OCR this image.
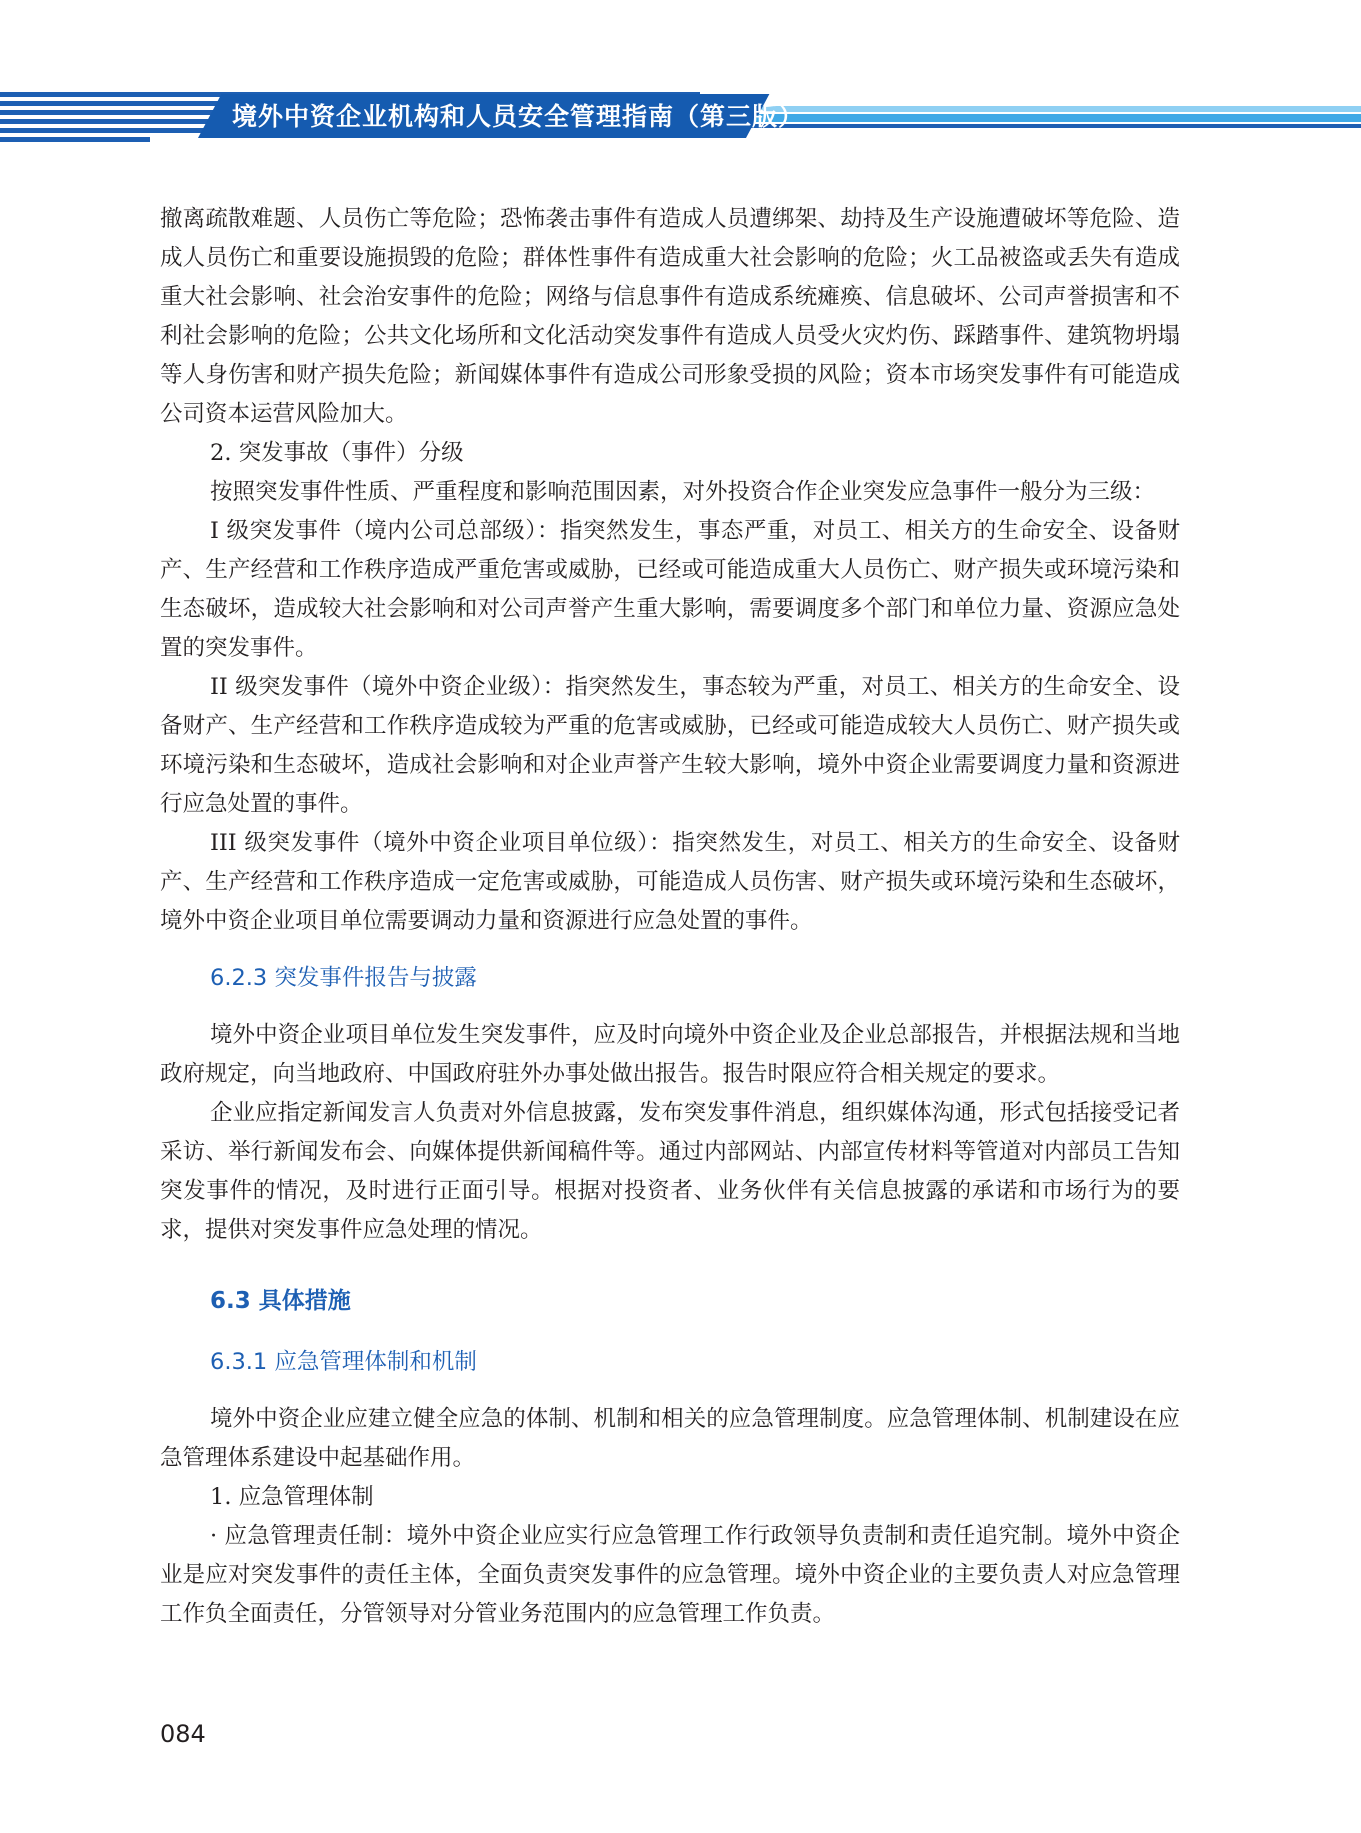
境外中资企业机构和人员安全管理指南（第三版）

撤离疏散难题、人员伤亡等危险；恐怖袭击事件有造成人员遭绑架、劫持及生产设施遭破坏等危险、造成人员伤亡和重要设施损毁的危险；群体性事件有造成重大社会影响的危险；火工品被盗或丢失有造成重大社会影响、社会治安事件的危险；网络与信息事件有造成系统瘫痪、信息破坏、公司声誉损害和不利社会影响的危险；公共文化场所和文化活动突发事件有造成人员受火灾灼伤、踩踏事件、建筑物坍塌等人身伤害和财产损失危险；新闻媒体事件有造成公司形象受损的风险；资本市场突发事件有可能造成公司资本运营风险加大。

2. 突发事故（事件）分级

按照突发事件性质、严重程度和影响范围因素，对外投资合作企业突发应急事件一般分为三级：

I 级突发事件（境内公司总部级）：指突然发生，事态严重，对员工、相关方的生命安全、设备财产、生产经营和工作秩序造成严重危害或威胁，已经或可能造成重大人员伤亡、财产损失或环境污染和生态破坏，造成较大社会影响和对公司声誉产生重大影响，需要调度多个部门和单位力量、资源应急处置的突发事件。

II 级突发事件（境外中资企业级）：指突然发生，事态较为严重，对员工、相关方的生命安全、设备财产、生产经营和工作秩序造成较为严重的危害或威胁，已经或可能造成较大人员伤亡、财产损失或环境污染和生态破坏，造成社会影响和对企业声誉产生较大影响，境外中资企业需要调度力量和资源进行应急处置的事件。

III 级突发事件（境外中资企业项目单位级）：指突然发生，对员工、相关方的生命安全、设备财产、生产经营和工作秩序造成一定危害或威胁，可能造成人员伤害、财产损失或环境污染和生态破坏，境外中资企业项目单位需要调动力量和资源进行应急处置的事件。

6.2.3 突发事件报告与披露

境外中资企业项目单位发生突发事件，应及时向境外中资企业及企业总部报告，并根据法规和当地政府规定，向当地政府、中国政府驻外办事处做出报告。报告时限应符合相关规定的要求。

企业应指定新闻发言人负责对外信息披露，发布突发事件消息，组织媒体沟通，形式包括接受记者采访、举行新闻发布会、向媒体提供新闻稿件等。通过内部网站、内部宣传材料等管道对内部员工告知突发事件的情况，及时进行正面引导。根据对投资者、业务伙伴有关信息披露的承诺和市场行为的要求，提供对突发事件应急处理的情况。

6.3 具体措施

6.3.1 应急管理体制和机制

境外中资企业应建立健全应急的体制、机制和相关的应急管理制度。应急管理体制、机制建设在应急管理体系建设中起基础作用。

1. 应急管理体制

· 应急管理责任制：境外中资企业应实行应急管理工作行政领导负责制和责任追究制。境外中资企业是应对突发事件的责任主体，全面负责突发事件的应急管理。境外中资企业的主要负责人对应急管理工作负全面责任，分管领导对分管业务范围内的应急管理工作负责。

084
